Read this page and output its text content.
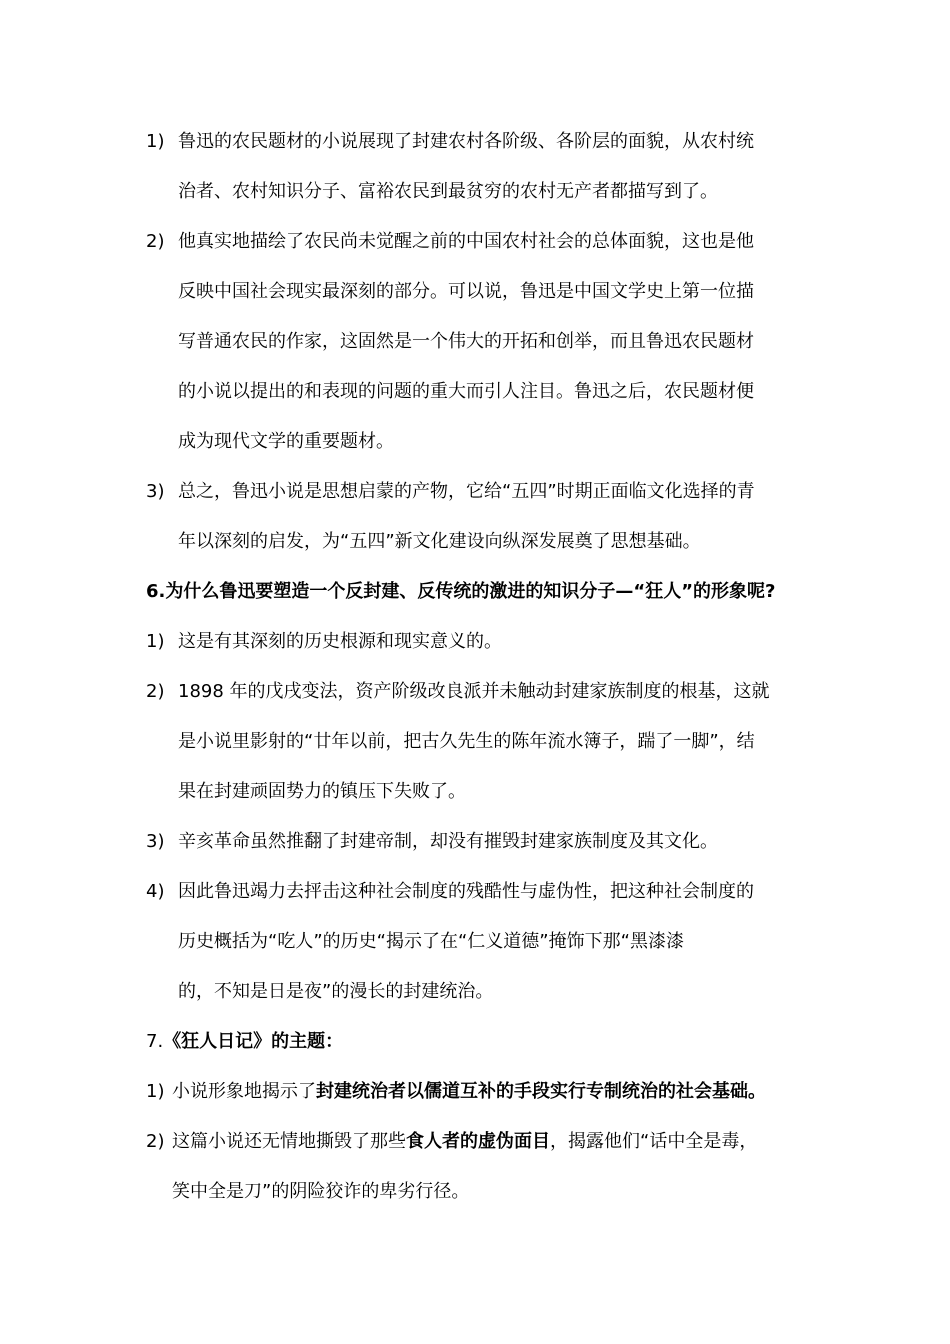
1) 鲁迅的农民题材的小说展现了封建农村各阶级、各阶层的面貌，从农村统
治者、农村知识分子、富裕农民到最贫穷的农村无产者都描写到了。
2) 他真实地描绘了农民尚未觉醒之前的中国农村社会的总体面貌，这也是他
反映中国社会现实最深刻的部分。可以说，鲁迅是中国文学史上第一位描
写普通农民的作家，这固然是一个伟大的开拓和创举，而且鲁迅农民题材
的小说以提出的和表现的问题的重大而引人注目。鲁迅之后，农民题材便
成为现代文学的重要题材。
3) 总之，鲁迅小说是思想启蒙的产物，它给“五四”时期正面临文化选择的青
年以深刻的启发，为“五四”新文化建设向纵深发展奠了思想基础。
6.为什么鲁迅要塑造一个反封建、反传统的激进的知识分子—“狂人”的形象呢?
1) 这是有其深刻的历史根源和现实意义的。
2) 1898 年的戊戌变法，资产阶级改良派并未触动封建家族制度的根基，这就
是小说里影射的“廿年以前，把古久先生的陈年流水簿子，踹了一脚”，结
果在封建顽固势力的镇压下失败了。
3) 辛亥革命虽然推翻了封建帝制，却没有摧毁封建家族制度及其文化。
4) 因此鲁迅竭力去抨击这种社会制度的残酷性与虚伪性，把这种社会制度的
历史概括为“吃人”的历史“揭示了在“仁义道德”掩饰下那“黑漆漆
的，不知是日是夜”的漫长的封建统治。
7.《狂人日记》的主题：
1) 小说形象地揭示了封建统治者以儒道互补的手段实行专制统治的社会基础。
2) 这篇小说还无情地撕毁了那些食人者的虚伪面目，揭露他们“话中全是毒，
笑中全是刀”的阴险狡诈的卑劣行径。
